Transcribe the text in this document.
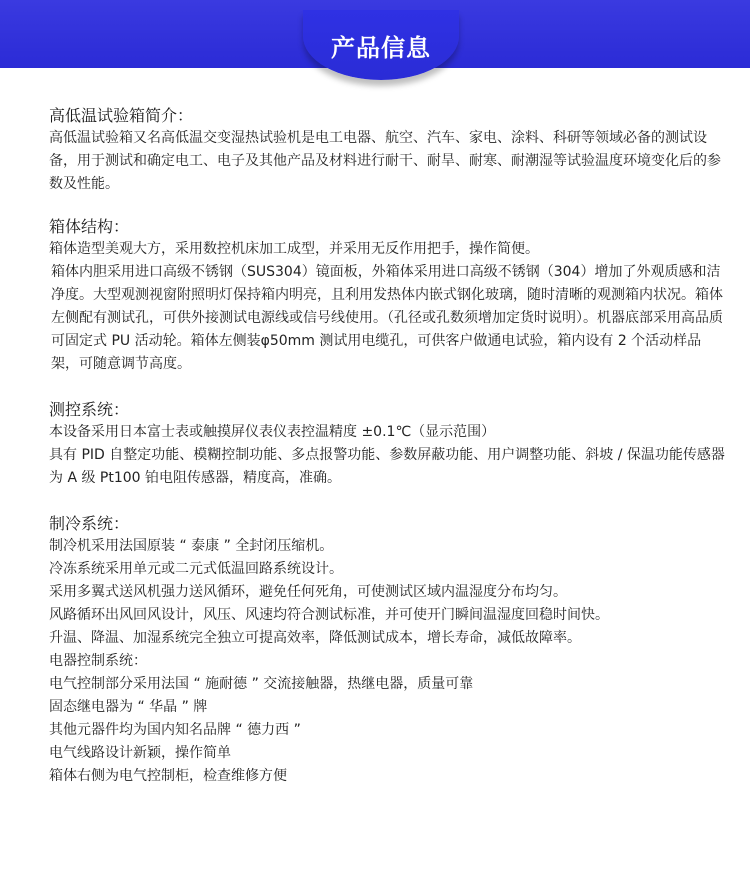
产品信息

高低温试验箱简介：

高低温试验箱又名高低温交变湿热试验机是电工电器、航空、汽车、家电、涂料、科研等领域必备的测试设备，用于测试和确定电工、电子及其他产品及材料进行耐干、耐旱、耐寒、耐潮湿等试验温度环境变化后的参数及性能。

箱体结构：

箱体造型美观大方，采用数控机床加工成型，并采用无反作用把手，操作简便。

箱体内胆采用进口高级不锈钢（SUS304）镜面板，外箱体采用进口高级不锈钢（304）增加了外观质感和洁净度。大型观测视窗附照明灯保持箱内明亮，且利用发热体内嵌式钢化玻璃，随时清晰的观测箱内状况。箱体左侧配有测试孔，可供外接测试电源线或信号线使用。（孔径或孔数须增加定货时说明）。机器底部采用高品质可固定式 PU 活动轮。箱体左侧装φ50mm 测试用电缆孔，可供客户做通电试验，箱内设有 2 个活动样品架，可随意调节高度。

测控系统：

本设备采用日本富士表或触摸屏仪表仪表控温精度 ±0.1℃（显示范围）

具有 PID 自整定功能、模糊控制功能、多点报警功能、参数屏蔽功能、用户调整功能、斜坡 / 保温功能传感器为 A 级 Pt100 铂电阻传感器，精度高，准确。

制冷系统：

制冷机采用法国原装 “ 泰康 ” 全封闭压缩机。

冷冻系统采用单元或二元式低温回路系统设计。

采用多翼式送风机强力送风循环，避免任何死角，可使测试区域内温湿度分布均匀。

风路循环出风回风设计，风压、风速均符合测试标准，并可使开门瞬间温湿度回稳时间快。

升温、降温、加湿系统完全独立可提高效率，降低测试成本，增长寿命，减低故障率。

电器控制系统：

电气控制部分采用法国 “ 施耐德 ” 交流接触器，热继电器，质量可靠

固态继电器为 “ 华晶 ” 牌

其他元器件均为国内知名品牌 “ 德力西 ”

电气线路设计新颖，操作简单

箱体右侧为电气控制柜，检查维修方便
